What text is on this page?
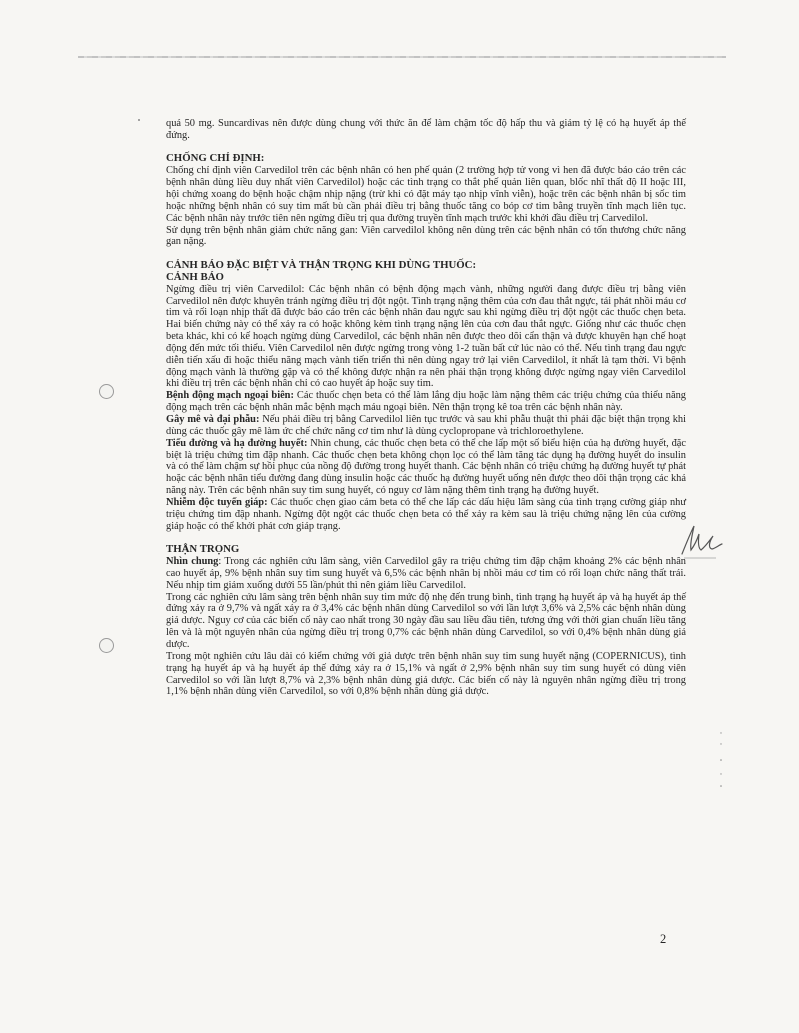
quá 50 mg. Suncardivas nên được dùng chung với thức ăn để làm chậm tốc độ hấp thu và giảm tỷ lệ có hạ huyết áp thế đứng.

CHỐNG CHỈ ĐỊNH:

Chống chỉ định viên Carvedilol trên các bệnh nhân có hen phế quản (2 trường hợp tử vong vì hen đã được báo cáo trên các bệnh nhân dùng liều duy nhất viên Carvedilol) hoặc các tình trạng co thắt phế quản liên quan, blốc nhĩ thất độ II hoặc III, hội chứng xoang do bệnh hoặc chậm nhịp nặng (trừ khi có đặt máy tạo nhịp vĩnh viễn), hoặc trên các bệnh nhân bị sốc tim hoặc những bệnh nhân có suy tim mất bù cần phải điều trị bằng thuốc tăng co bóp cơ tim bằng truyền tĩnh mạch liên tục. Các bệnh nhân này trước tiên nên ngừng điều trị qua đường truyền tĩnh mạch trước khi khởi đầu điều trị Carvedilol.

Sử dụng trên bệnh nhân giảm chức năng gan: Viên carvedilol không nên dùng trên các bệnh nhân có tổn thương chức năng gan nặng.

CẢNH BÁO ĐẶC BIỆT VÀ THẬN TRỌNG KHI DÙNG THUỐC:

CẢNH BÁO

Ngừng điều trị viên Carvedilol: Các bệnh nhân có bệnh động mạch vành, những người đang được điều trị bằng viên Carvedilol nên được khuyên tránh ngừng điều trị đột ngột. Tình trạng nặng thêm của cơn đau thắt ngực, tái phát nhồi máu cơ tim và rối loạn nhịp thất đã được báo cáo trên các bệnh nhân đau ngực sau khi ngừng điều trị đột ngột các thuốc chẹn beta. Hai biến chứng này có thể xảy ra có hoặc không kèm tình trạng nặng lên của cơn đau thắt ngực. Giống như các thuốc chẹn beta khác, khi có kế hoạch ngừng dùng Carvedilol, các bệnh nhân nên được theo dõi cẩn thận và được khuyên hạn chế hoạt động đến mức tối thiểu. Viên Carvedilol nên được ngừng trong vòng 1-2 tuần bất cứ lúc nào có thể. Nếu tình trạng đau ngực diễn tiến xấu đi hoặc thiểu năng mạch vành tiến triển thì nên dùng ngay trở lại viên Carvedilol, ít nhất là tạm thời. Vì bệnh động mạch vành là thường gặp và có thể không được nhận ra nên phải thận trọng không được ngừng ngay viên Carvedilol khi điều trị trên các bệnh nhân chỉ có cao huyết áp hoặc suy tim.

Bệnh động mạch ngoại biên: Các thuốc chẹn beta có thể làm lắng dịu hoặc làm nặng thêm các triệu chứng của thiểu năng động mạch trên các bệnh nhân mắc bệnh mạch máu ngoại biên. Nên thận trọng kê toa trên các bệnh nhân này.

Gây mê và đại phẫu: Nếu phải điều trị bằng Carvedilol liên tục trước và sau khi phẫu thuật thì phải đặc biệt thận trọng khi dùng các thuốc gây mê làm ức chế chức năng cơ tim như là dùng cyclopropane và trichloroethylene.

Tiểu đường và hạ đường huyết: Nhìn chung, các thuốc chẹn beta có thể che lấp một số biểu hiện của hạ đường huyết, đặc biệt là triệu chứng tim đập nhanh. Các thuốc chẹn beta không chọn lọc có thể làm tăng tác dụng hạ đường huyết do insulin và có thể làm chậm sự hồi phục của nồng độ đường trong huyết thanh. Các bệnh nhân có triệu chứng hạ đường huyết tự phát hoặc các bệnh nhân tiểu đường đang dùng insulin hoặc các thuốc hạ đường huyết uống nên được theo dõi thận trọng các khả năng này. Trên các bệnh nhân suy tim sung huyết, có nguy cơ làm nặng thêm tình trạng hạ đường huyết.

Nhiễm độc tuyến giáp: Các thuốc chẹn giao cảm beta có thể che lấp các dấu hiệu lâm sàng của tình trạng cường giáp như triệu chứng tim đập nhanh. Ngừng đột ngột các thuốc chẹn beta có thể xảy ra kèm sau là triệu chứng nặng lên của cường giáp hoặc có thể khởi phát cơn giáp trạng.

THẬN TRỌNG

Nhìn chung: Trong các nghiên cứu lâm sàng, viên Carvedilol gây ra triệu chứng tim đập chậm khoảng 2% các bệnh nhân cao huyết áp, 9% bệnh nhân suy tim sung huyết và 6,5% các bệnh nhân bị nhồi máu cơ tim có rối loạn chức năng thất trái. Nếu nhịp tim giảm xuống dưới 55 lần/phút thì nên giảm liều Carvedilol.

Trong các nghiên cứu lâm sàng trên bệnh nhân suy tim mức độ nhẹ đến trung bình, tình trạng hạ huyết áp và hạ huyết áp thế đứng xảy ra ở 9,7% và ngất xảy ra ở 3,4% các bệnh nhân dùng Carvedilol so với lần lượt 3,6% và 2,5% các bệnh nhân dùng giả dược. Nguy cơ của các biến cố này cao nhất trong 30 ngày đầu sau liều đầu tiên, tương ứng với thời gian chuẩn liều tăng lên và là một nguyên nhân của ngừng điều trị trong 0,7% các bệnh nhân dùng Carvedilol, so với 0,4% bệnh nhân dùng giả dược.

Trong một nghiên cứu lâu dài có kiểm chứng với giả dược trên bệnh nhân suy tim sung huyết nặng (COPERNICUS), tình trạng hạ huyết áp và hạ huyết áp thế đứng xảy ra ở 15,1% và ngất ở 2,9% bệnh nhân suy tim sung huyết có dùng viên Carvedilol so với lần lượt 8,7% và 2,3% bệnh nhân dùng giả dược. Các biến cố này là nguyên nhân ngừng điều trị trong 1,1% bệnh nhân dùng viên Carvedilol, so với 0,8% bệnh nhân dùng giả dược.

2
